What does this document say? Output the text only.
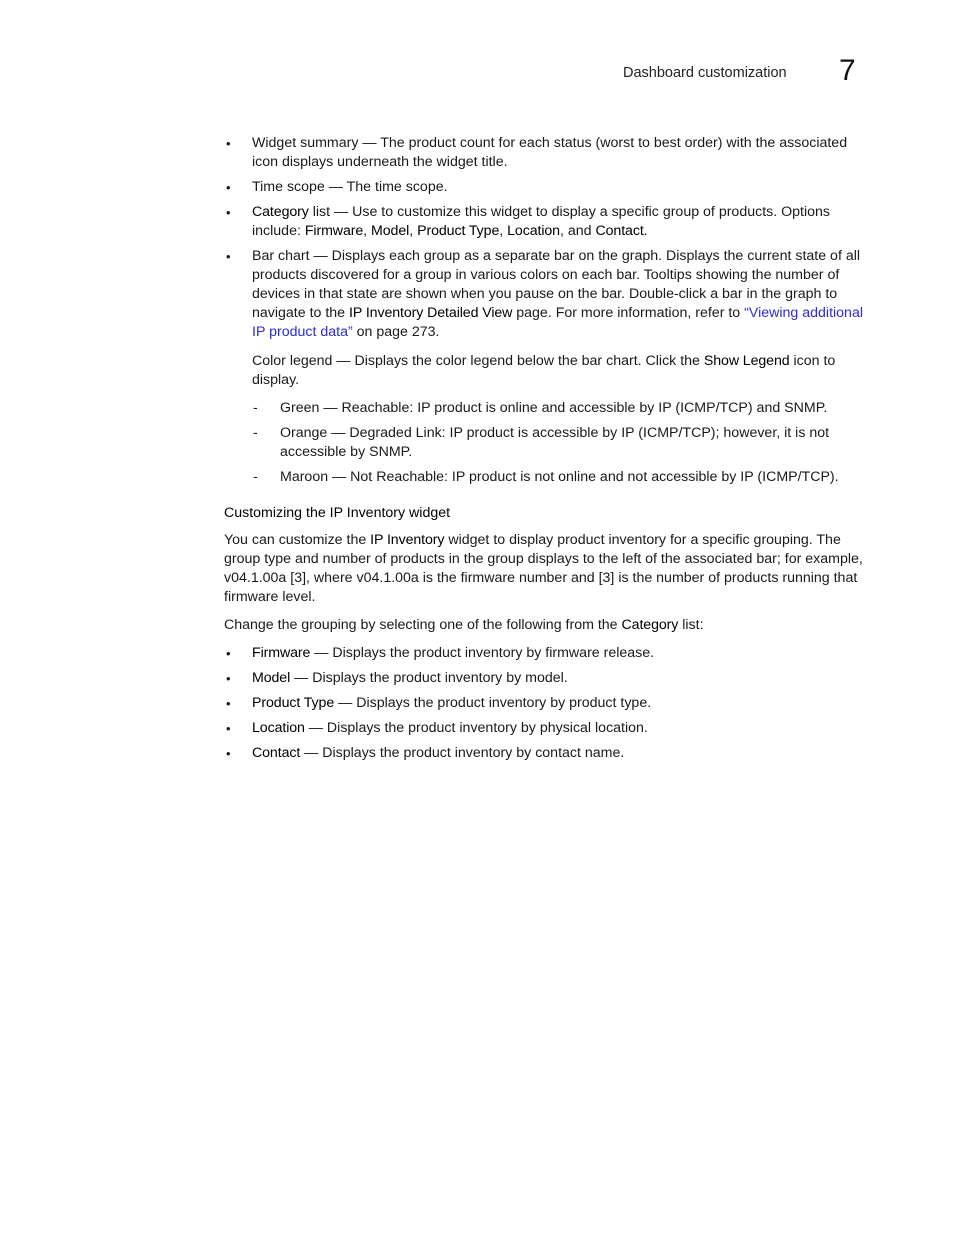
Dashboard customization 7
• Widget summary — The product count for each status (worst to best order) with the associated icon displays underneath the widget title.
• Time scope — The time scope.
• Category list — Use to customize this widget to display a specific group of products. Options include: Firmware, Model, Product Type, Location, and Contact.
• Bar chart — Displays each group as a separate bar on the graph. Displays the current state of all products discovered for a group in various colors on each bar. Tooltips showing the number of devices in that state are shown when you pause on the bar. Double-click a bar in the graph to navigate to the IP Inventory Detailed View page. For more information, refer to “Viewing additional IP product data” on page 273.

Color legend — Displays the color legend below the bar chart. Click the Show Legend icon to display.

- Green — Reachable: IP product is online and accessible by IP (ICMP/TCP) and SNMP.
- Orange — Degraded Link: IP product is accessible by IP (ICMP/TCP); however, it is not accessible by SNMP.
- Maroon — Not Reachable: IP product is not online and not accessible by IP (ICMP/TCP).
Customizing the IP Inventory widget

You can customize the IP Inventory widget to display product inventory for a specific grouping. The group type and number of products in the group displays to the left of the associated bar; for example, v04.1.00a [3], where v04.1.00a is the firmware number and [3] is the number of products running that firmware level.

Change the grouping by selecting one of the following from the Category list:

• Firmware — Displays the product inventory by firmware release.
• Model — Displays the product inventory by model.
• Product Type — Displays the product inventory by product type.
• Location — Displays the product inventory by physical location.
• Contact — Displays the product inventory by contact name.
